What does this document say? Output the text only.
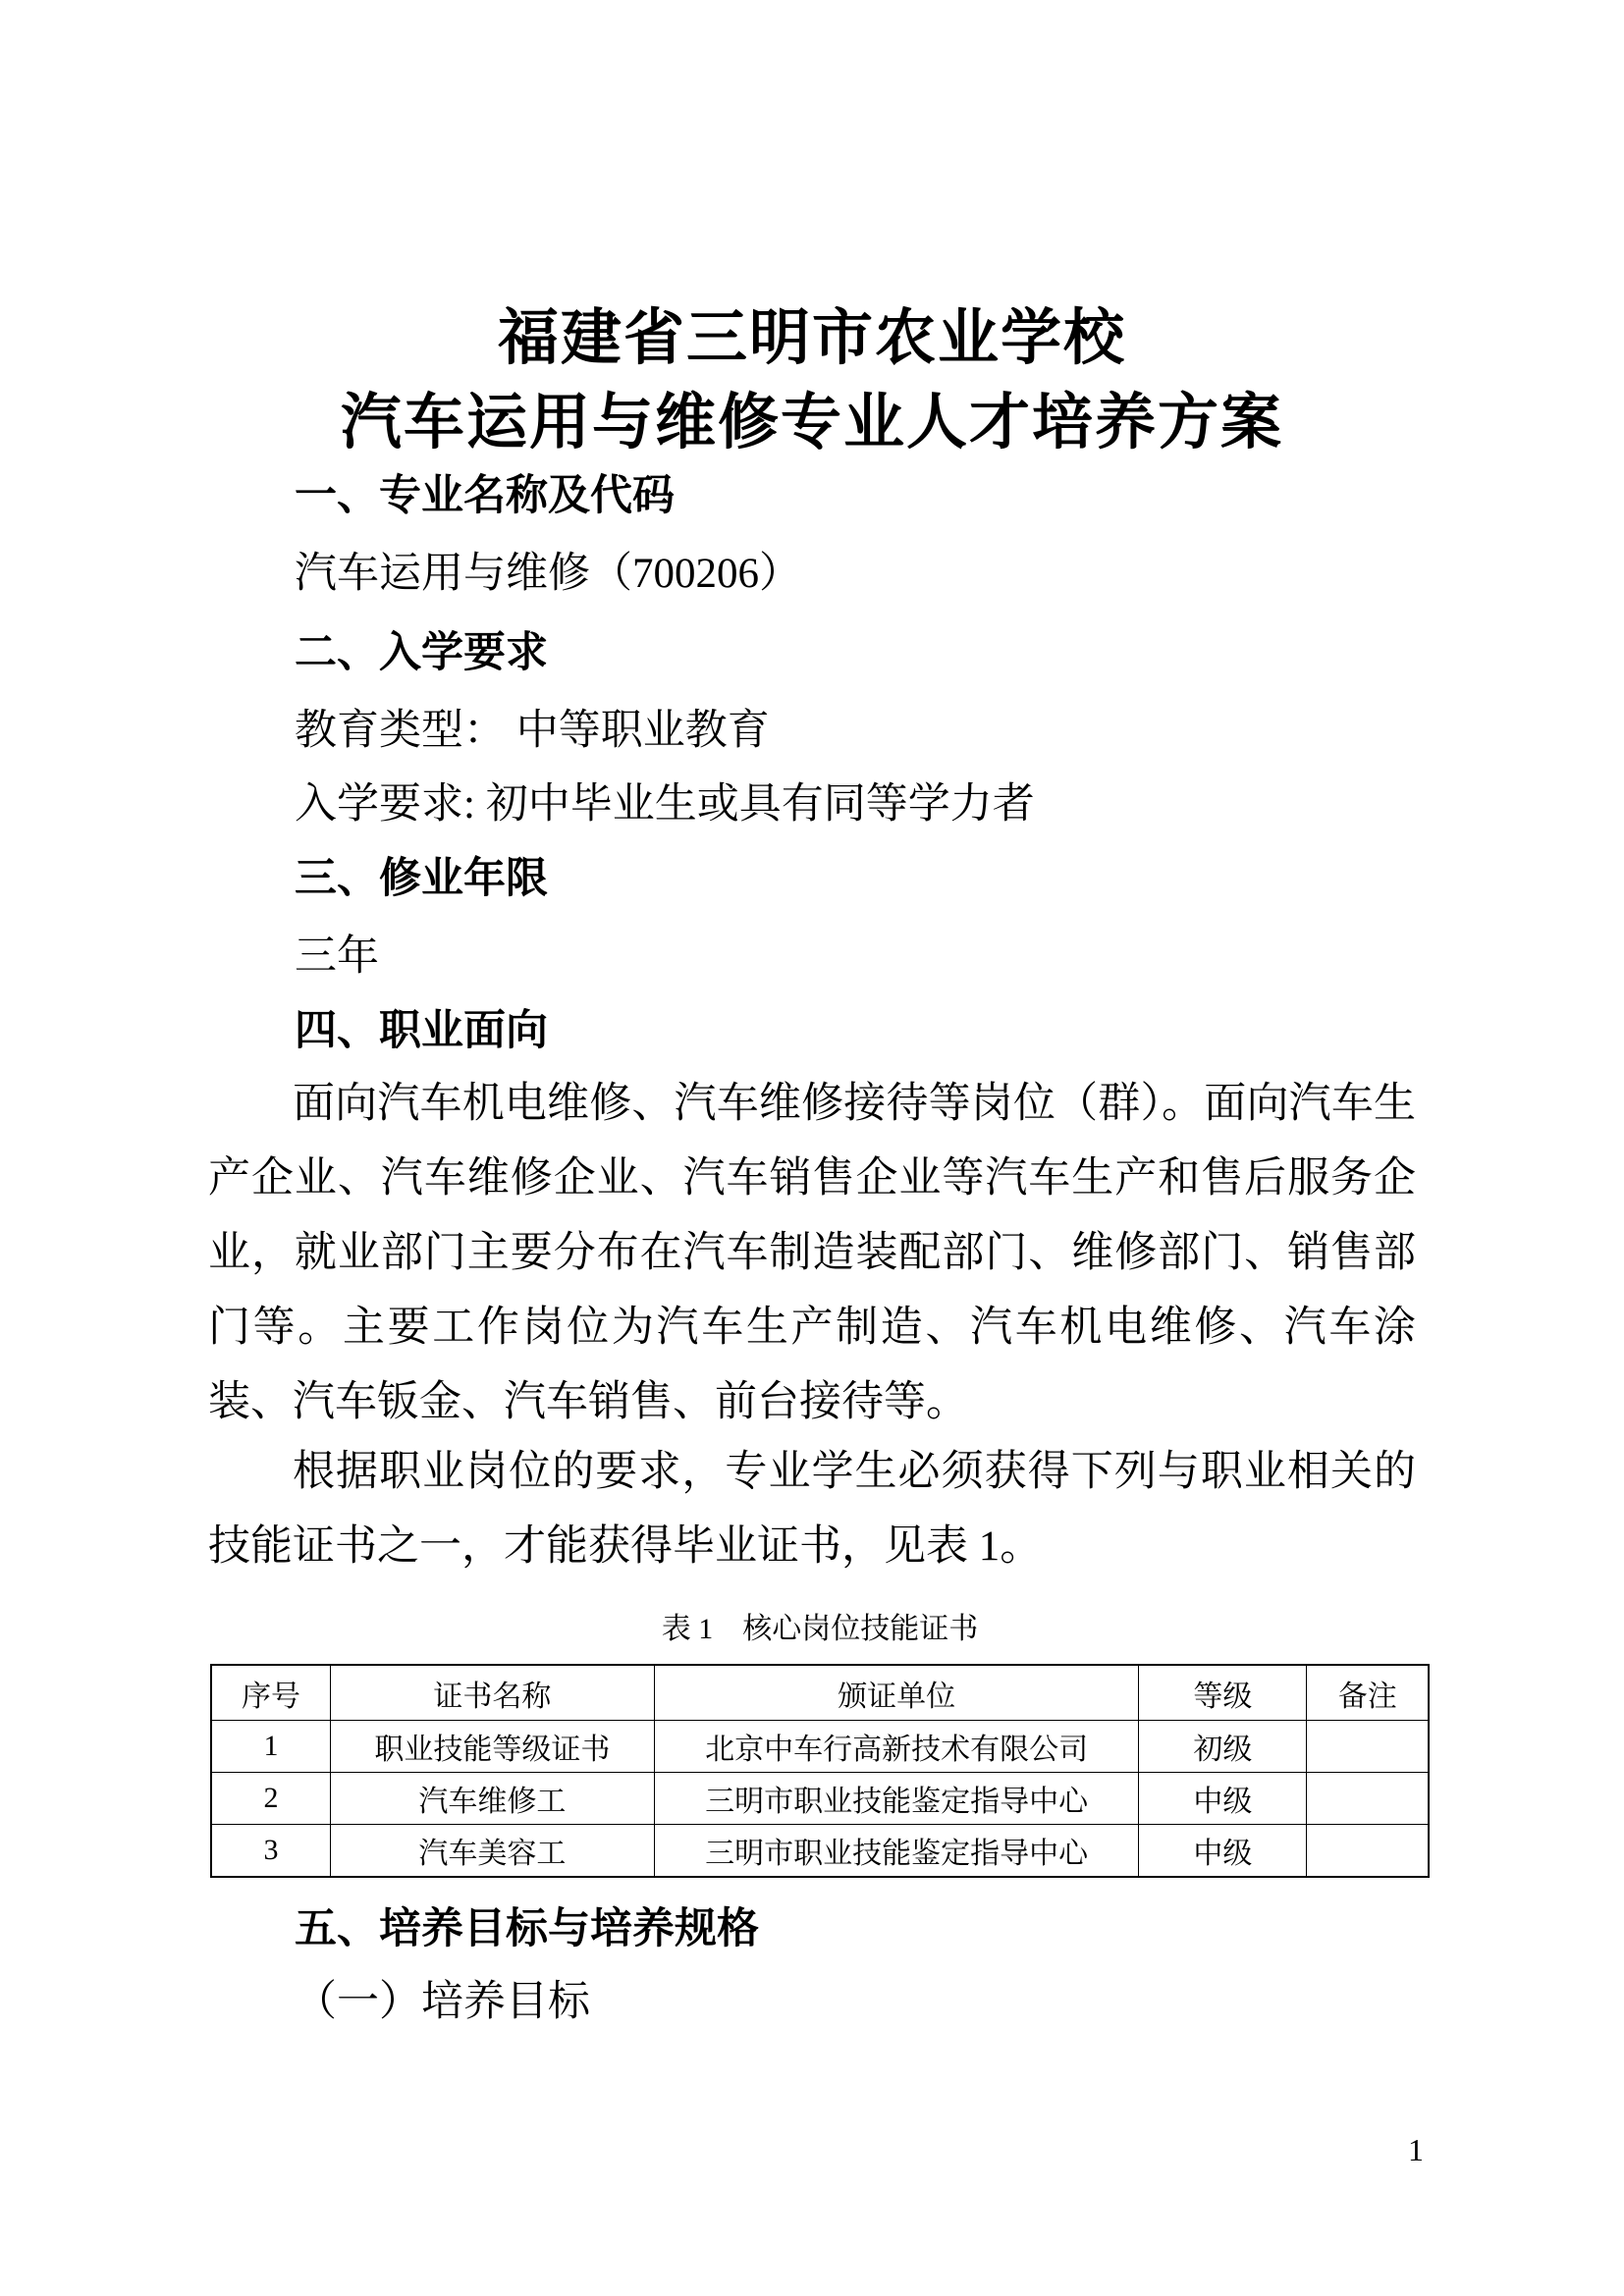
福建省三明市农业学校
汽车运用与维修专业人才培养方案
一、专业名称及代码
汽车运用与维修（700206）
二、入学要求
教育类型： 中等职业教育
入学要求: 初中毕业生或具有同等学力者
三、修业年限
三年
四、职业面向
面向汽车机电维修、汽车维修接待等岗位（群）。面向汽车生产企业、汽车维修企业、汽车销售企业等汽车生产和售后服务企业，就业部门主要分布在汽车制造装配部门、维修部门、销售部门等。主要工作岗位为汽车生产制造、汽车机电维修、汽车涂装、汽车钣金、汽车销售、前台接待等。
根据职业岗位的要求，专业学生必须获得下列与职业相关的技能证书之一，才能获得毕业证书，见表 1。
表 1　核心岗位技能证书
序号	证书名称	颁证单位	等级	备注
1	职业技能等级证书	北京中车行高新技术有限公司	初级	
2	汽车维修工	三明市职业技能鉴定指导中心	中级	
3	汽车美容工	三明市职业技能鉴定指导中心	中级	
五、培养目标与培养规格
（一）培养目标
1
